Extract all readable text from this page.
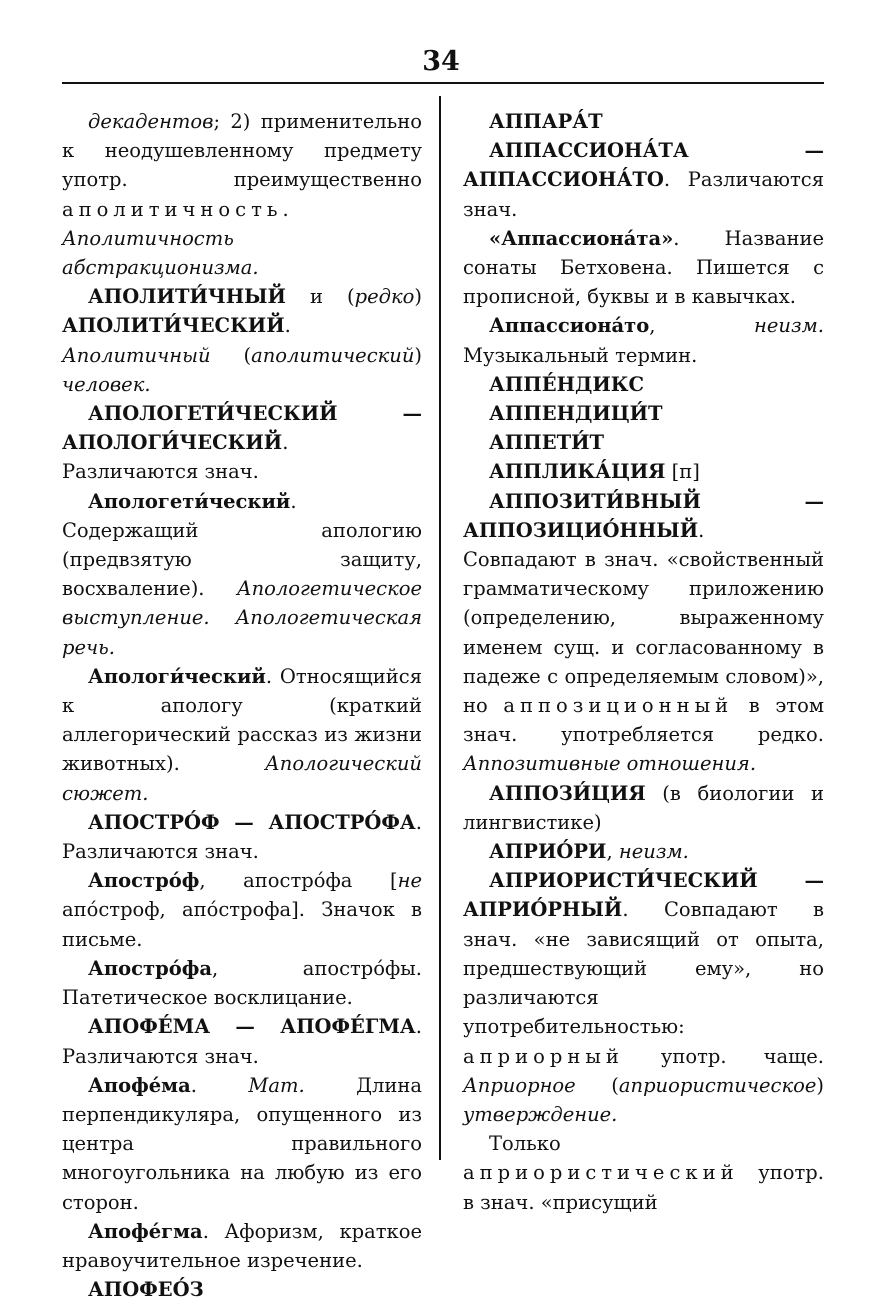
34

декадентов; 2) применительно к неодушевленному предмету употр. преимущественно аполитичность. Аполитичность абстракционизма.

АПОЛИТИ́ЧНЫЙ и (редко) АПОЛИТИ́ЧЕСКИЙ. Аполитичный (аполитический) человек.

АПОЛОГЕТИ́ЧЕСКИЙ — АПОЛОГИ́ЧЕСКИЙ. Различаются знач.

Апологети́ческий. Содержащий апологию (предвзятую защиту, восхваление). Апологетическое выступление. Апологетическая речь.

Апологи́ческий. Относящийся к апологу (краткий аллегорический рассказ из жизни животных). Апологический сюжет.

АПОСТРО́Ф — АПОСТРО́ФА. Различаются знач.

Апостро́ф, апостро́фа [не апо́строф, апо́строфа]. Значок в письме.

Апостро́фа, апостро́фы. Патетическое восклицание.

АПОФЕ́МА — АПОФЕ́ГМА. Различаются знач.

Апофе́ма. Мат. Длина перпендикуляра, опущенного из центра правильного многоугольника на любую из его сторон.

Апофе́гма. Афоризм, краткое нравоучительное изречение.

АПОФЕО́З

АППАРА́Т

АППАССИОНА́ТА — АППАССИОНА́ТО. Различаются знач.

«Аппассиона́та». Название сонаты Бетховена. Пишется с прописной, буквы и в кавычках.

Аппассиона́то, неизм. Музыкальный термин.

АППЕ́НДИКС

АППЕНДИЦИ́Т

АППЕТИ́Т

АППЛИКА́ЦИЯ [п]

АППОЗИТИ́ВНЫЙ — АППОЗИЦИО́ННЫЙ. Совпадают в знач. «свойственный грамматическому приложению (определению, выраженному именем сущ. и согласованному в падеже с определяемым словом)», но аппозиционный в этом знач. употребляется редко. Аппозитивные отношения.

АППОЗИ́ЦИЯ (в биологии и лингвистике)

АПРИО́РИ, неизм.

АПРИОРИСТИ́ЧЕСКИЙ — АПРИО́РНЫЙ. Совпадают в знач. «не зависящий от опыта, предшествующий ему», но различаются употребительностью: априорный употр. чаще. Априорное (априористическое) утверждение.

Только априористический употр. в знач. «присущий
